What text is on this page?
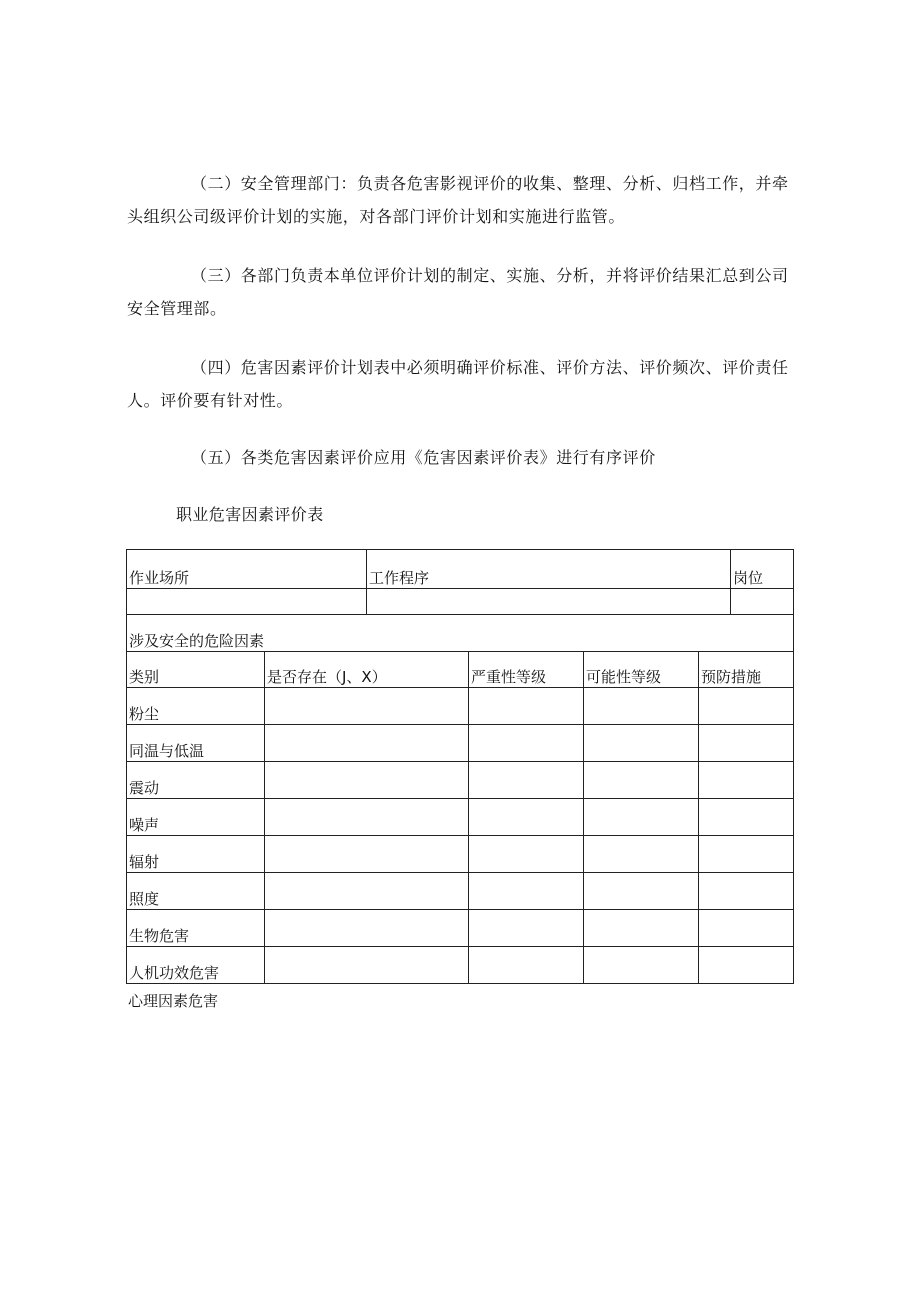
（二）安全管理部门：负责各危害影视评价的收集、整理、分析、归档工作，并牵头组织公司级评价计划的实施，对各部门评价计划和实施进行监管。

（三）各部门负责本单位评价计划的制定、实施、分析，并将评价结果汇总到公司安全管理部。

（四）危害因素评价计划表中必须明确评价标准、评价方法、评价频次、评价责任人。评价要有针对性。

（五）各类危害因素评价应用《危害因素评价表》进行有序评价

职业危害因素评价表

作业场所		工作程序				岗位

涉及安全的危险因素						
类别	是否存在（J、X）		严重性等级	可能性等级	预防措施	
粉尘						
同温与低温						
震动						
噪声						
辐射						
照度						
生物危害						
人机功效危害						

心理因素危害
